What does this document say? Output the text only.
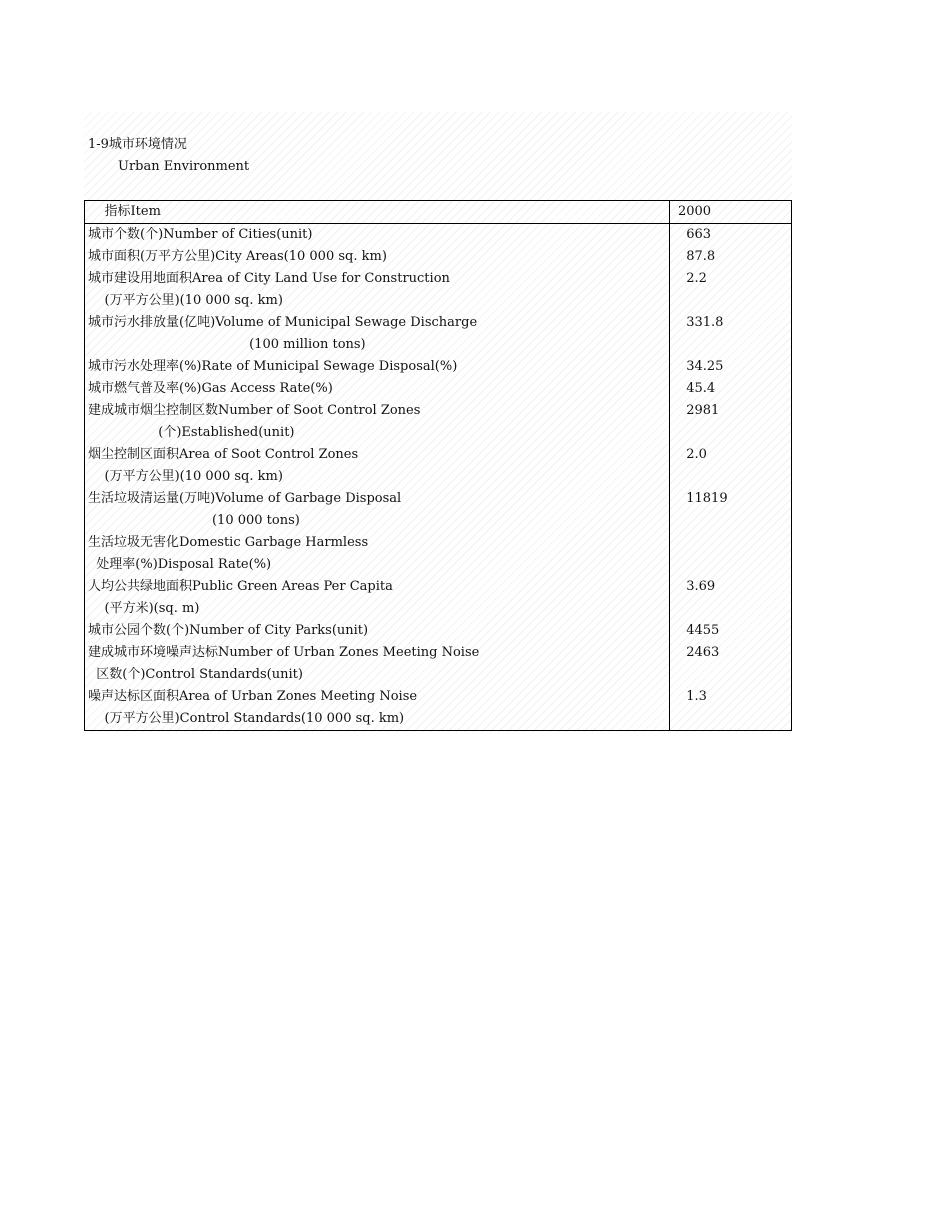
1-9城市环境情况
Urban Environment
指标Item	2000
城市个数(个)Number of Cities(unit)	663
城市面积(万平方公里)City Areas(10 000 sq. km)	87.8
城市建设用地面积Area of City Land Use for Construction	2.2
(万平方公里)(10 000 sq. km)
城市污水排放量(亿吨)Volume of Municipal Sewage Discharge	331.8
(100 million tons)
城市污水处理率(%)Rate of Municipal Sewage Disposal(%)	34.25
城市燃气普及率(%)Gas Access Rate(%)	45.4
建成城市烟尘控制区数Number of Soot Control Zones	2981
(个)Established(unit)
烟尘控制区面积Area of Soot Control Zones	2.0
(万平方公里)(10 000 sq. km)
生活垃圾清运量(万吨)Volume of Garbage Disposal	11819
(10 000 tons)
生活垃圾无害化Domestic Garbage Harmless
处理率(%)Disposal Rate(%)
人均公共绿地面积Public Green Areas Per Capita	3.69
(平方米)(sq. m)
城市公园个数(个)Number of City Parks(unit)	4455
建成城市环境噪声达标Number of Urban Zones Meeting Noise	2463
区数(个)Control Standards(unit)
噪声达标区面积Area of Urban Zones Meeting Noise	1.3
(万平方公里)Control Standards(10 000 sq. km)
